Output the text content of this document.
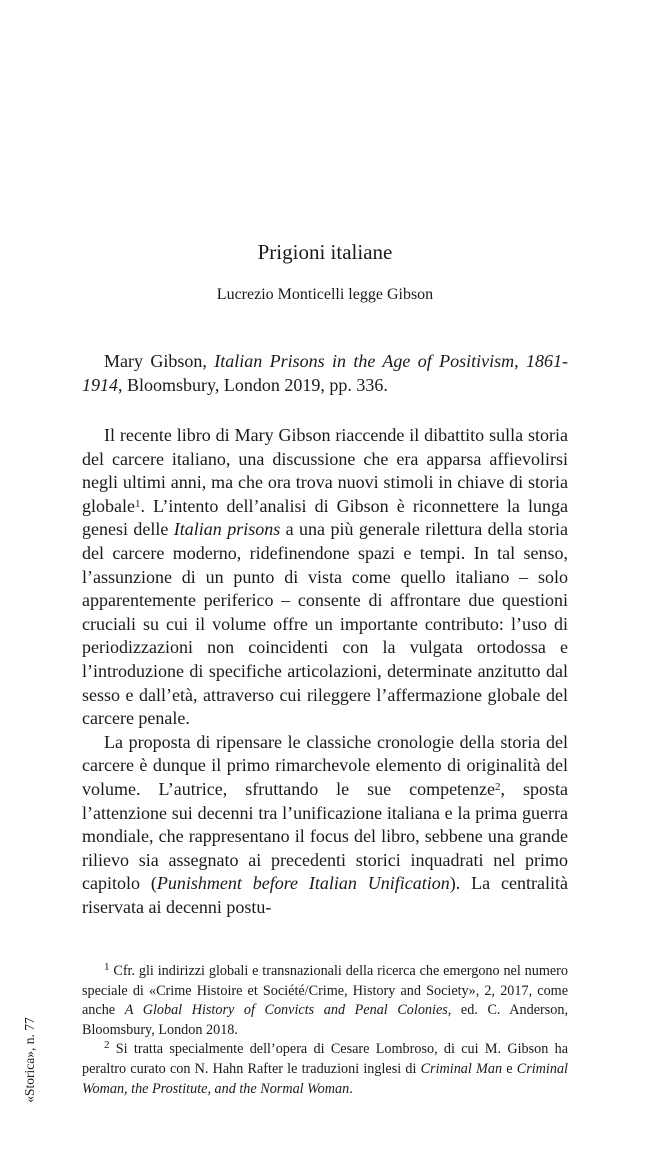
«Storica», n. 77
Prigioni italiane
Lucrezio Monticelli legge Gibson

Mary Gibson, Italian Prisons in the Age of Positivism, 1861-1914, Bloomsbury, London 2019, pp. 336.

Il recente libro di Mary Gibson riaccende il dibattito sulla storia del carcere italiano, una discussione che era apparsa affievolirsi negli ultimi anni, ma che ora trova nuovi stimoli in chiave di storia globale$^1$. L’intento dell’analisi di Gibson è riconnettere la lunga genesi delle Italian prisons a una più generale rilettura della storia del carcere moderno, ridefinendone spazi e tempi. In tal senso, l’assunzione di un punto di vista come quello italiano – solo apparentemente periferico – consente di affrontare due questioni cruciali su cui il volume offre un importante contributo: l’uso di periodizzazioni non coincidenti con la vulgata ortodossa e l’introduzione di specifiche articolazioni, determinate anzitutto dal sesso e dall’età, attraverso cui rileggere l’affermazione globale del carcere penale.

La proposta di ripensare le classiche cronologie della storia del carcere è dunque il primo rimarchevole elemento di originalità del volume. L’autrice, sfruttando le sue competenze$^2$, sposta l’attenzione sui decenni tra l’unificazione italiana e la prima guerra mondiale, che rappresentano il focus del libro, sebbene una grande rilievo sia assegnato ai precedenti storici inquadrati nel primo capitolo (Punishment before Italian Unification). La centralità riservata ai decenni postu-

$^1$ Cfr. gli indirizzi globali e transnazionali della ricerca che emergono nel numero speciale di «Crime Histoire et Société/Crime, History and Society», 2, 2017, come anche A Global History of Convicts and Penal Colonies, ed. C. Anderson, Bloomsbury, London 2018.

$^2$ Si tratta specialmente dell’opera di Cesare Lombroso, di cui M. Gibson ha peraltro curato con N. Hahn Rafter le traduzioni inglesi di Criminal Man e Criminal Woman, the Prostitute, and the Normal Woman.
